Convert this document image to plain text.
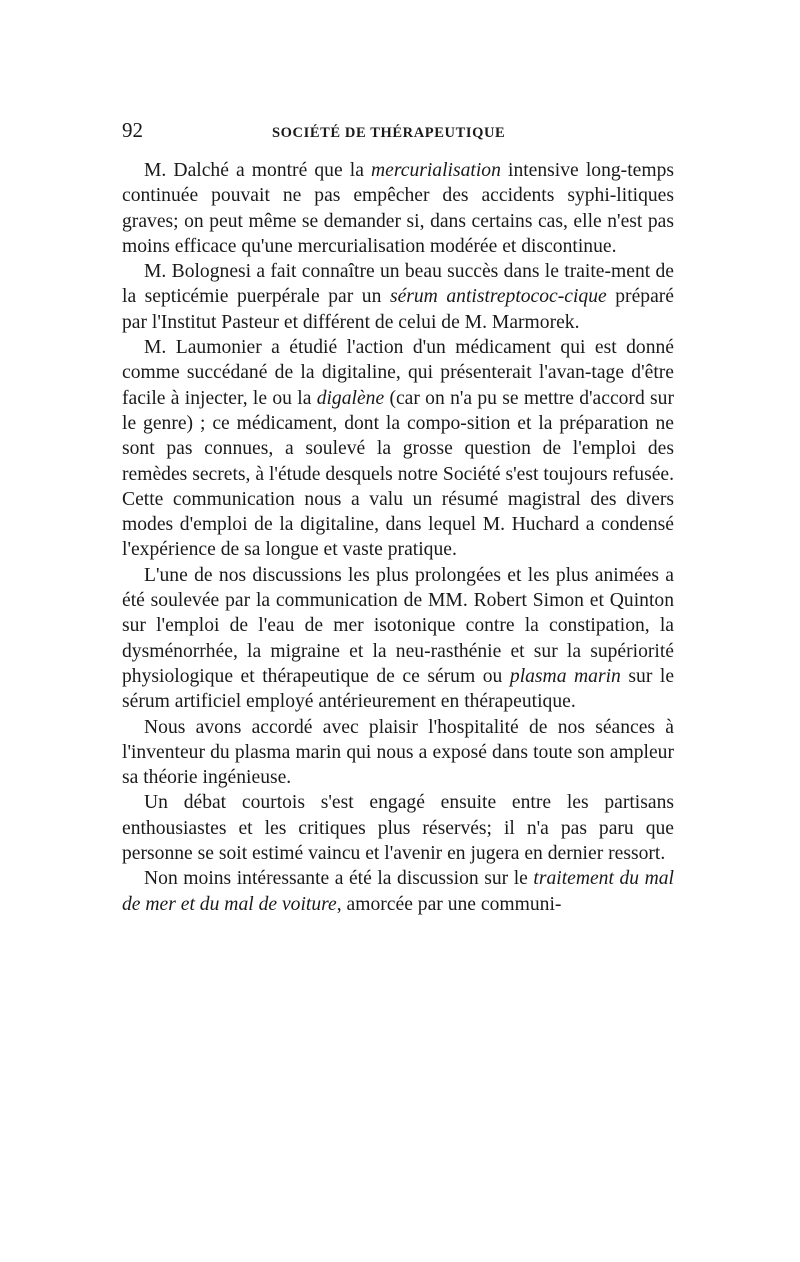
92	SOCIÉTÉ DE THÉRAPEUTIQUE

M. Dalché a montré que la mercurialisation intensive long-temps continuée pouvait ne pas empêcher des accidents syphi-litiques graves; on peut même se demander si, dans certains cas, elle n'est pas moins efficace qu'une mercurialisation modérée et discontinue.

M. Bolognesi a fait connaître un beau succès dans le traite-ment de la septicémie puerpérale par un sérum antistreptococ-cique préparé par l'Institut Pasteur et différent de celui de M. Marmorek.

M. Laumonier a étudié l'action d'un médicament qui est donné comme succédané de la digitaline, qui présenterait l'avan-tage d'être facile à injecter, le ou la digalène (car on n'a pu se mettre d'accord sur le genre) ; ce médicament, dont la compo-sition et la préparation ne sont pas connues, a soulevé la grosse question de l'emploi des remèdes secrets, à l'étude desquels notre Société s'est toujours refusée. Cette communication nous a valu un résumé magistral des divers modes d'emploi de la digitaline, dans lequel M. Huchard a condensé l'expérience de sa longue et vaste pratique.

L'une de nos discussions les plus prolongées et les plus animées a été soulevée par la communication de MM. Robert Simon et Quinton sur l'emploi de l'eau de mer isotonique contre la constipation, la dysménorrhée, la migraine et la neu-rasthénie et sur la supériorité physiologique et thérapeutique de ce sérum ou plasma marin sur le sérum artificiel employé antérieurement en thérapeutique.

Nous avons accordé avec plaisir l'hospitalité de nos séances à l'inventeur du plasma marin qui nous a exposé dans toute son ampleur sa théorie ingénieuse.

Un débat courtois s'est engagé ensuite entre les partisans enthousiastes et les critiques plus réservés; il n'a pas paru que personne se soit estimé vaincu et l'avenir en jugera en dernier ressort.

Non moins intéressante a été la discussion sur le traitement du mal de mer et du mal de voiture, amorcée par une communi-
